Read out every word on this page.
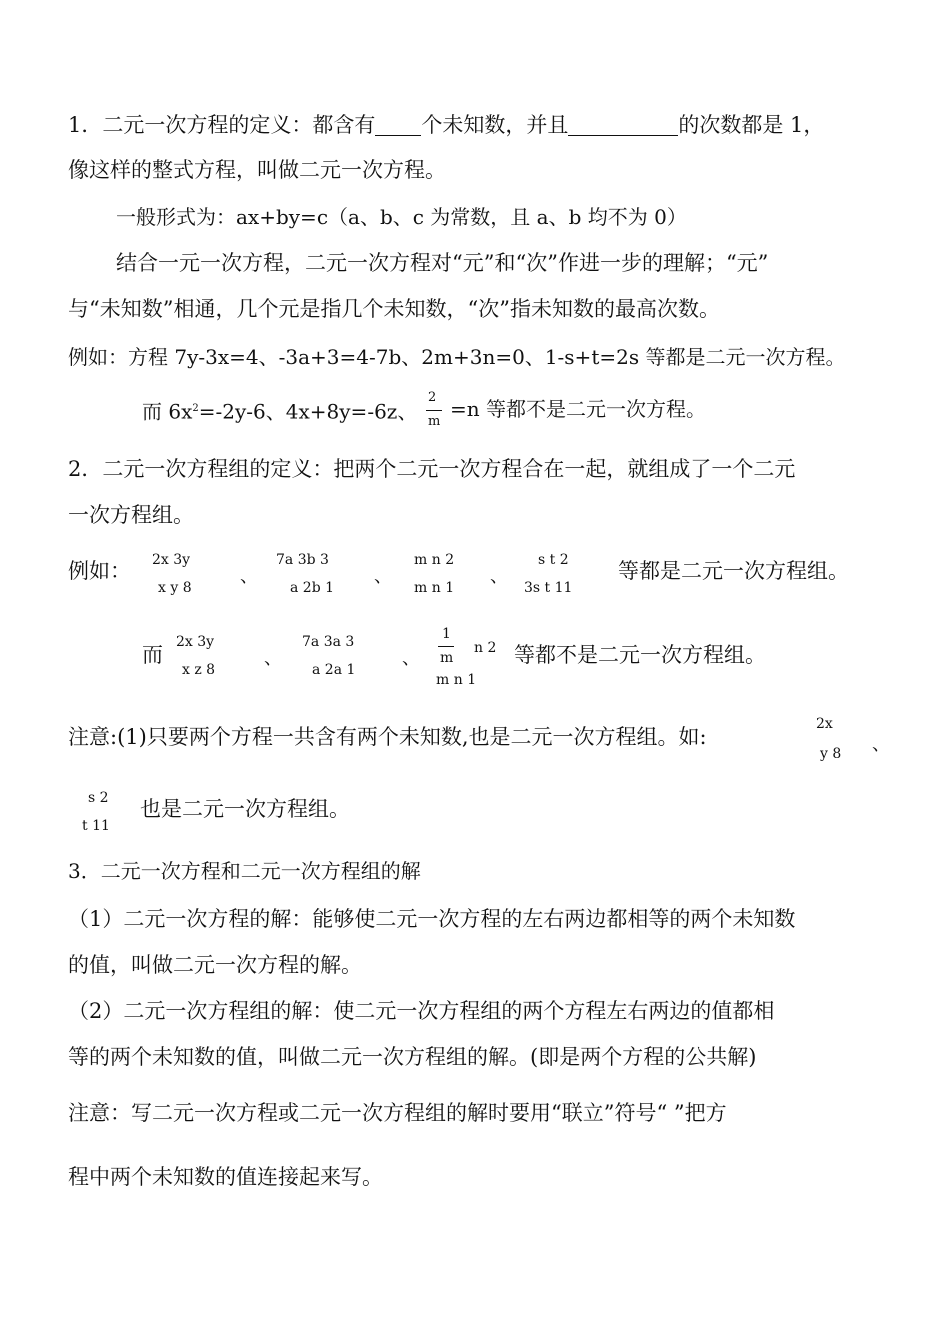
1．二元一次方程的定义：都含有 个未知数，并且	的次数都是 1，
像这样的整式方程，叫做二元一次方程。
一般形式为：ax+by=c（a、b、c 为常数，且 a、b 均不为 0）
结合一元一次方程，二元一次方程对“元”和“次”作进一步的理解；“元”
与“未知数”相通，几个元是指几个未知数，“次”指未知数的最高次数。
例如：方程 7y-3x=4、-3a+3=4-7b、2m+3n=0、1-s+t=2s 等都是二元一次方程。
而 $6x^2=-2y-6$、4x+8y=-6z、
2
m
=n 等都不是二元一次方程。
2．二元一次方程组的定义：把两个二元一次方程合在一起，就组成了一个二元
一次方程组。
例如： 2x 3y
x y 8
、
7a 3b 3
a 2b 1
、
m n 2
m n 1
、
s t 2
3s t 11
等都是二元一次方程组。
而
2x 3y
x z 8
、
7a 3a 3
a 2a 1
、
1
m
n 2
m n 1
等都不是二元一次方程组。
注意:(1)只要两个方程一共含有两个未知数,也是二元一次方程组。如:
2x
y 8 、
s 2
t 11
也是二元一次方程组。
3．二元一次方程和二元一次方程组的解
（1）二元一次方程的解：能够使二元一次方程的左右两边都相等的两个未知数
的值，叫做二元一次方程的解。
（2）二元一次方程组的解：使二元一次方程组的两个方程左右两边的值都相
等的两个未知数的值，叫做二元一次方程组的解。(即是两个方程的公共解)
注意：写二元一次方程或二元一次方程组的解时要用“联立”符号“ ”把方
程中两个未知数的值连接起来写。
